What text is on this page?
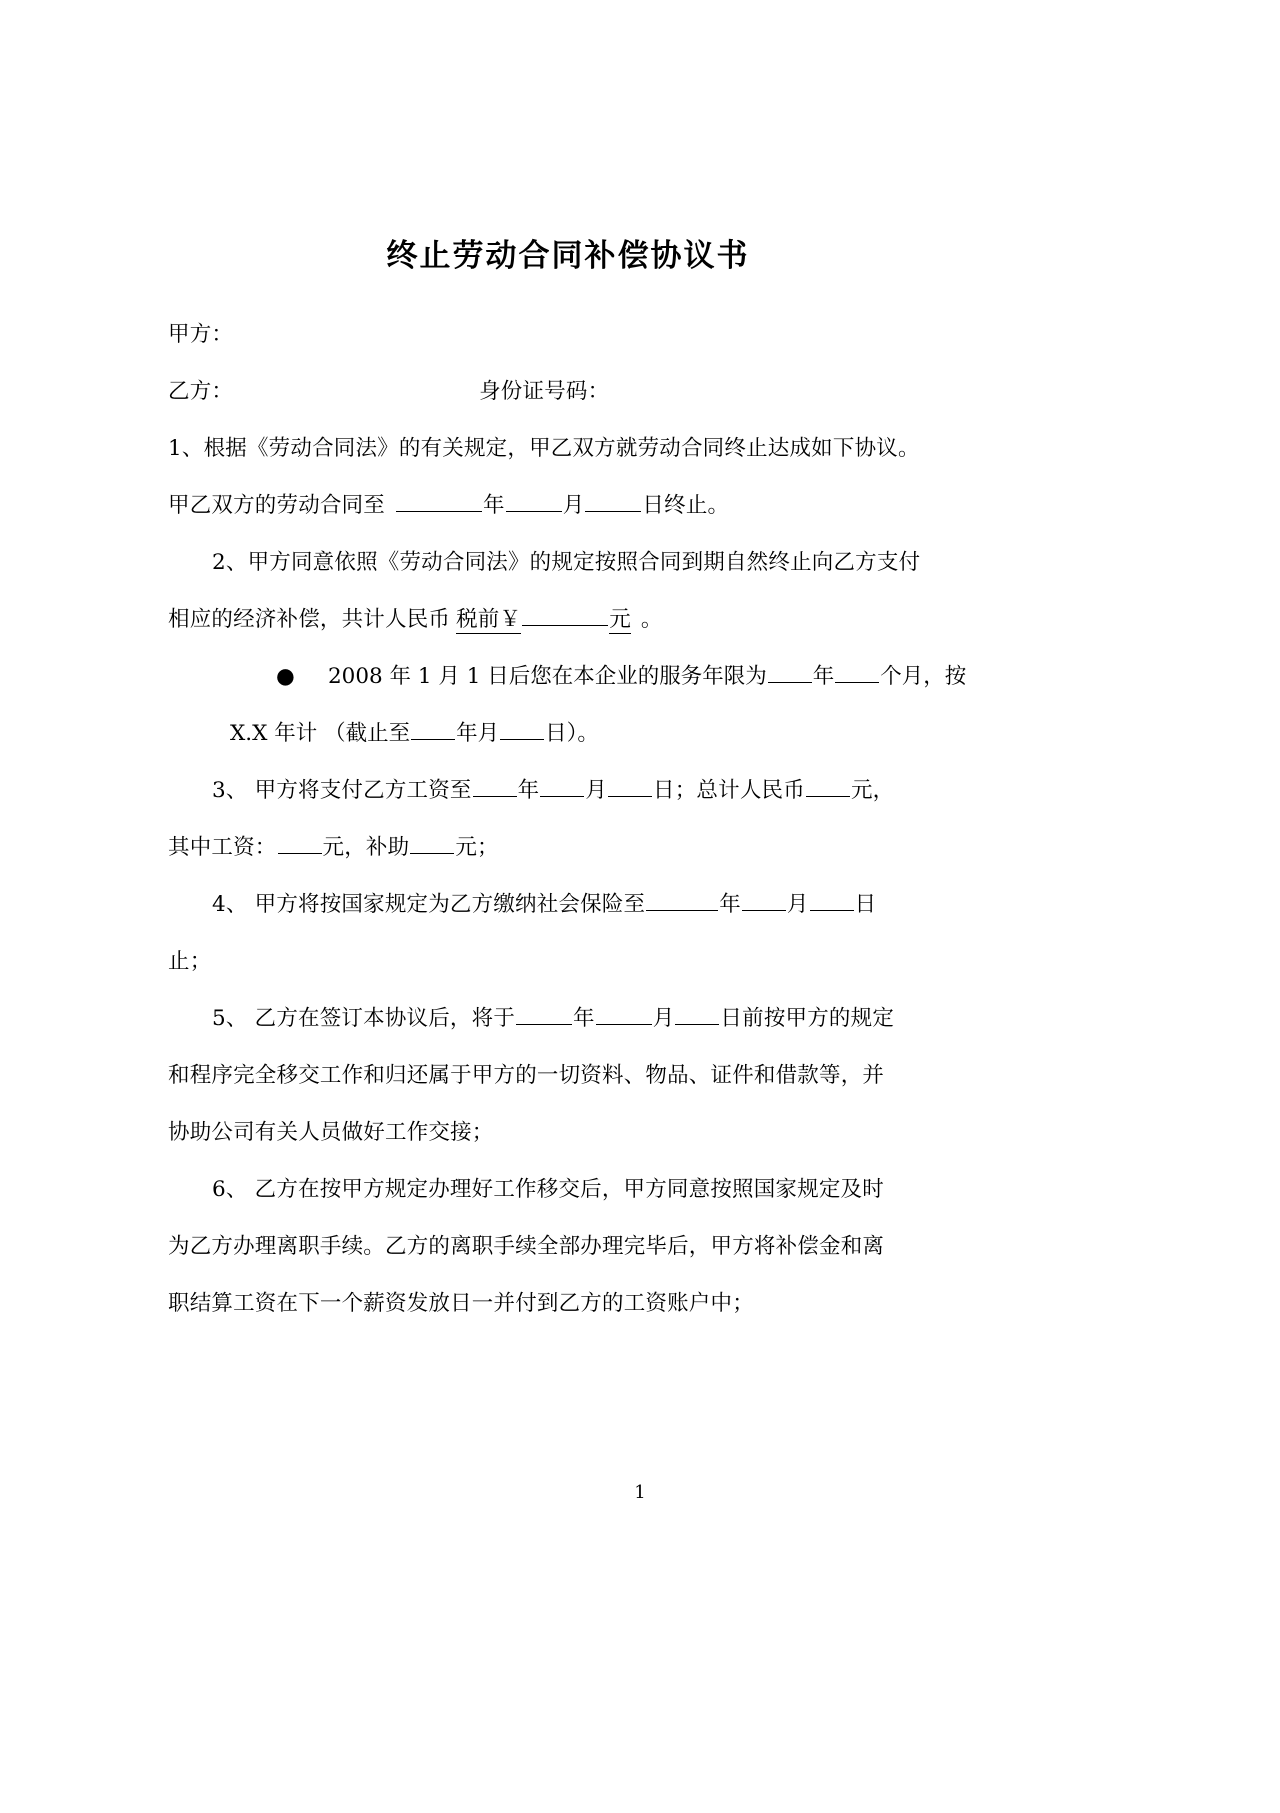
终止劳动合同补偿协议书

甲方：

乙方：	身份证号码：

1、根据《劳动合同法》的有关规定，甲乙双方就劳动合同终止达成如下协议。

甲乙双方的劳动合同至	年	月	日终止。

2、甲方同意依照《劳动合同法》的规定按照合同到期自然终止向乙方支付

相应的经济补偿，共计人民币 税前￥	元 。

● 2008 年 1 月 1 日后您在本企业的服务年限为 年 个月，按

X.X 年计 （截止至 年月 日）。

3、 甲方将支付乙方工资至 年 月 日；总计人民币 元，

其中工资： 元，补助 元；

4、 甲方将按国家规定为乙方缴纳社会保险至	年 月 日

止；

5、 乙方在签订本协议后，将于	年	月 日前按甲方的规定

和程序完全移交工作和归还属于甲方的一切资料、物品、证件和借款等，并

协助公司有关人员做好工作交接；

6、 乙方在按甲方规定办理好工作移交后，甲方同意按照国家规定及时

为乙方办理离职手续。乙方的离职手续全部办理完毕后，甲方将补偿金和离

职结算工资在下一个薪资发放日一并付到乙方的工资账户中；

1
